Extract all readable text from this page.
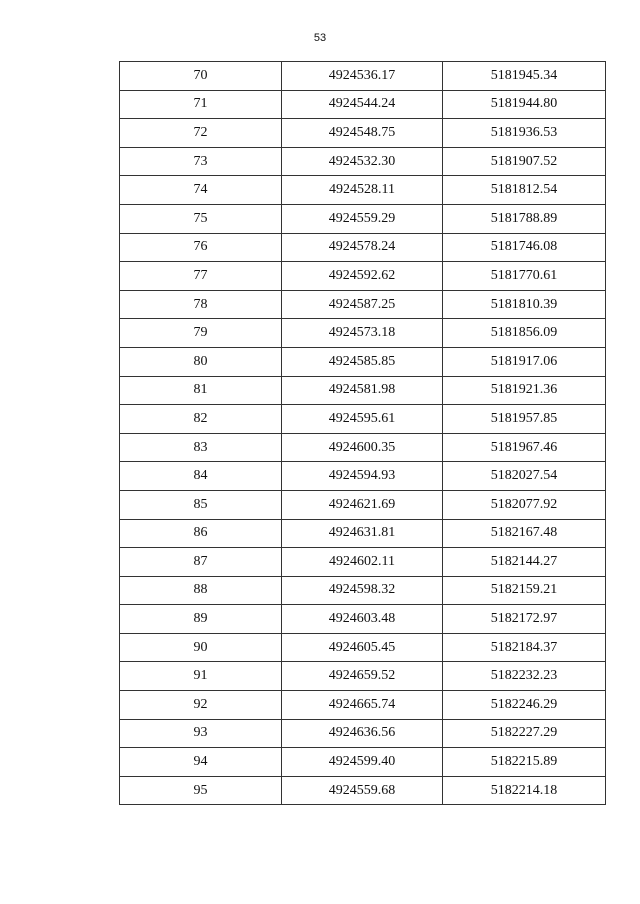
53
70	4924536.17	5181945.34
71	4924544.24	5181944.80
72	4924548.75	5181936.53
73	4924532.30	5181907.52
74	4924528.11	5181812.54
75	4924559.29	5181788.89
76	4924578.24	5181746.08
77	4924592.62	5181770.61
78	4924587.25	5181810.39
79	4924573.18	5181856.09
80	4924585.85	5181917.06
81	4924581.98	5181921.36
82	4924595.61	5181957.85
83	4924600.35	5181967.46
84	4924594.93	5182027.54
85	4924621.69	5182077.92
86	4924631.81	5182167.48
87	4924602.11	5182144.27
88	4924598.32	5182159.21
89	4924603.48	5182172.97
90	4924605.45	5182184.37
91	4924659.52	5182232.23
92	4924665.74	5182246.29
93	4924636.56	5182227.29
94	4924599.40	5182215.89
95	4924559.68	5182214.18
